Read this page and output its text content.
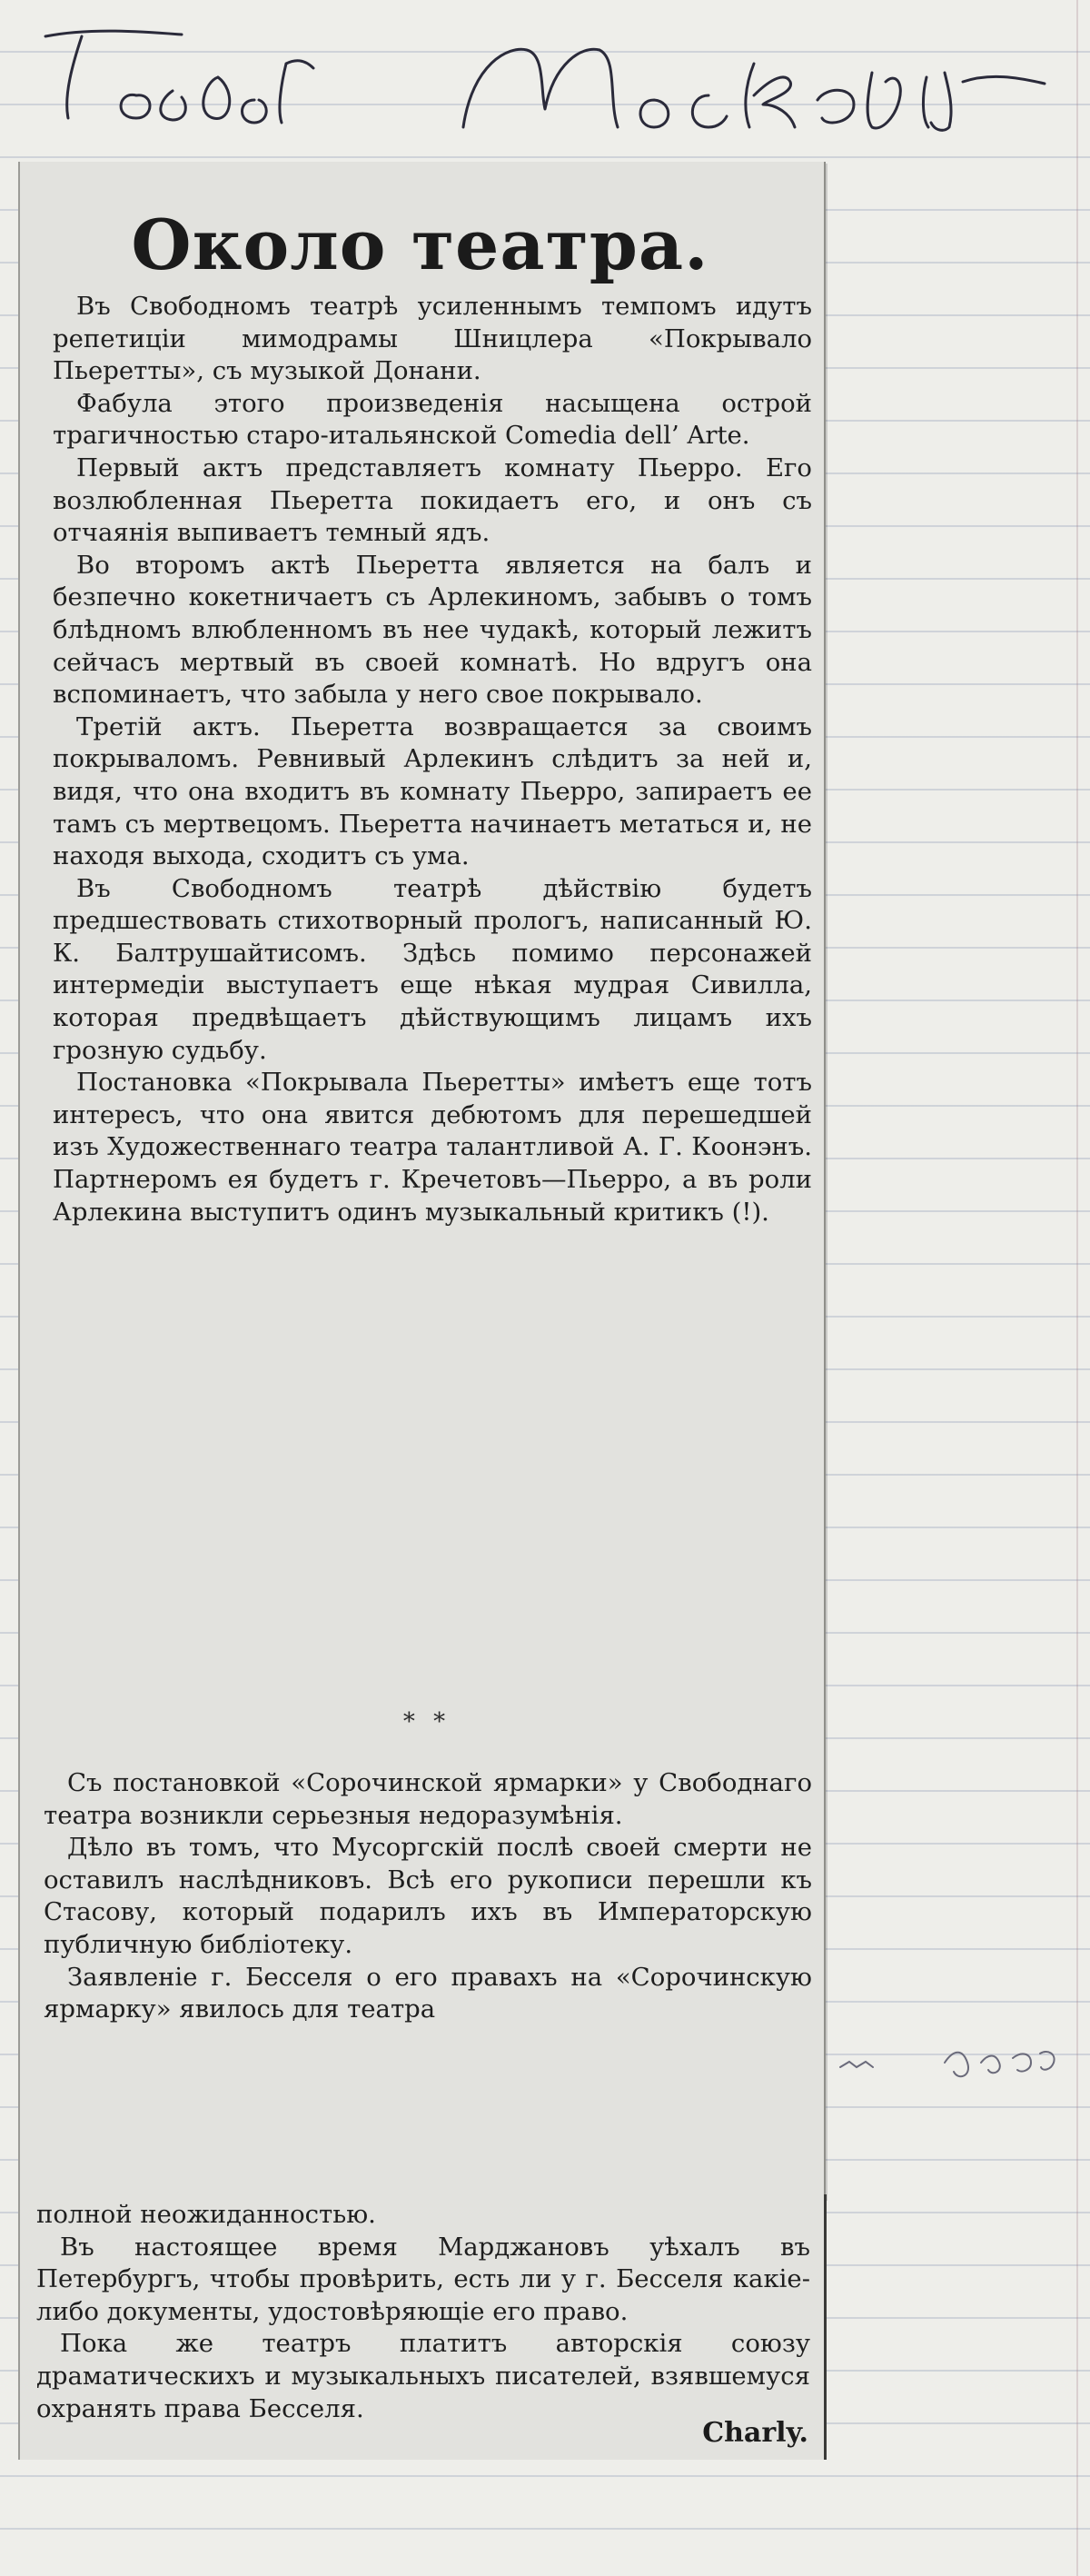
Около театра.

Въ Свободномъ театрѣ усиленнымъ темпомъ идутъ репетиціи мимодрамы Шницлера «Покрывало Пьеретты», съ музыкой Донани.

Фабула этого произведенія насыщена острой трагичностью старо-итальянской Comedia dell’ Arte.

Первый актъ представляетъ комнату Пьерро. Его возлюбленная Пьеретта покидаетъ его, и онъ съ отчаянія выпиваетъ темный ядъ.

Во второмъ актѣ Пьеретта является на балъ и безпечно кокетничаетъ съ Арлекиномъ, забывъ о томъ блѣдномъ влюбленномъ въ нее чудакѣ, который лежитъ сейчасъ мертвый въ своей комнатѣ. Но вдругъ она вспоминаетъ, что забыла у него свое покрывало.

Третій актъ. Пьеретта возвращается за своимъ покрываломъ. Ревнивый Арлекинъ слѣдитъ за ней и, видя, что она входитъ въ комнату Пьерро, запираетъ ее тамъ съ мертвецомъ. Пьеретта начинаетъ метаться и, не находя выхода, сходитъ съ ума.

Въ Свободномъ театрѣ дѣйствію будетъ предшествовать стихотворный прологъ, написанный Ю. К. Балтрушайтисомъ. Здѣсь помимо персонажей интермедіи выступаетъ еще нѣкая мудрая Сивилла, которая предвѣщаетъ дѣйствующимъ лицамъ ихъ грозную судьбу.

Постановка «Покрывала Пьеретты» имѣетъ еще тотъ интересъ, что она явится дебютомъ для перешедшей изъ Художественнаго театра талантливой А. Г. Коонэнъ. Партнеромъ ея будетъ г. Кречетовъ—Пьерро, а въ роли Арлекина выступитъ одинъ музыкальный критикъ (!).

* *

Съ постановкой «Сорочинской ярмарки» у Свободнаго театра возникли серьезныя недоразумѣнія.

Дѣло въ томъ, что Мусоргскій послѣ своей смерти не оставилъ наслѣдниковъ. Всѣ его рукописи перешли къ Стасову, который подарилъ ихъ въ Императорскую публичную библіотеку.

Заявленіе г. Бесселя о его правахъ на «Сорочинскую ярмарку» явилось для театра

полной неожиданностью.

Въ настоящее время Марджановъ уѣхалъ въ Петербургъ, чтобы провѣрить, есть ли у г. Бесселя какіе-либо документы, удостовѣряющіе его право.

Пока же театръ платитъ авторскія союзу драматическихъ и музыкальныхъ писателей, взявшемуся охранять права Бесселя.

Charly.
